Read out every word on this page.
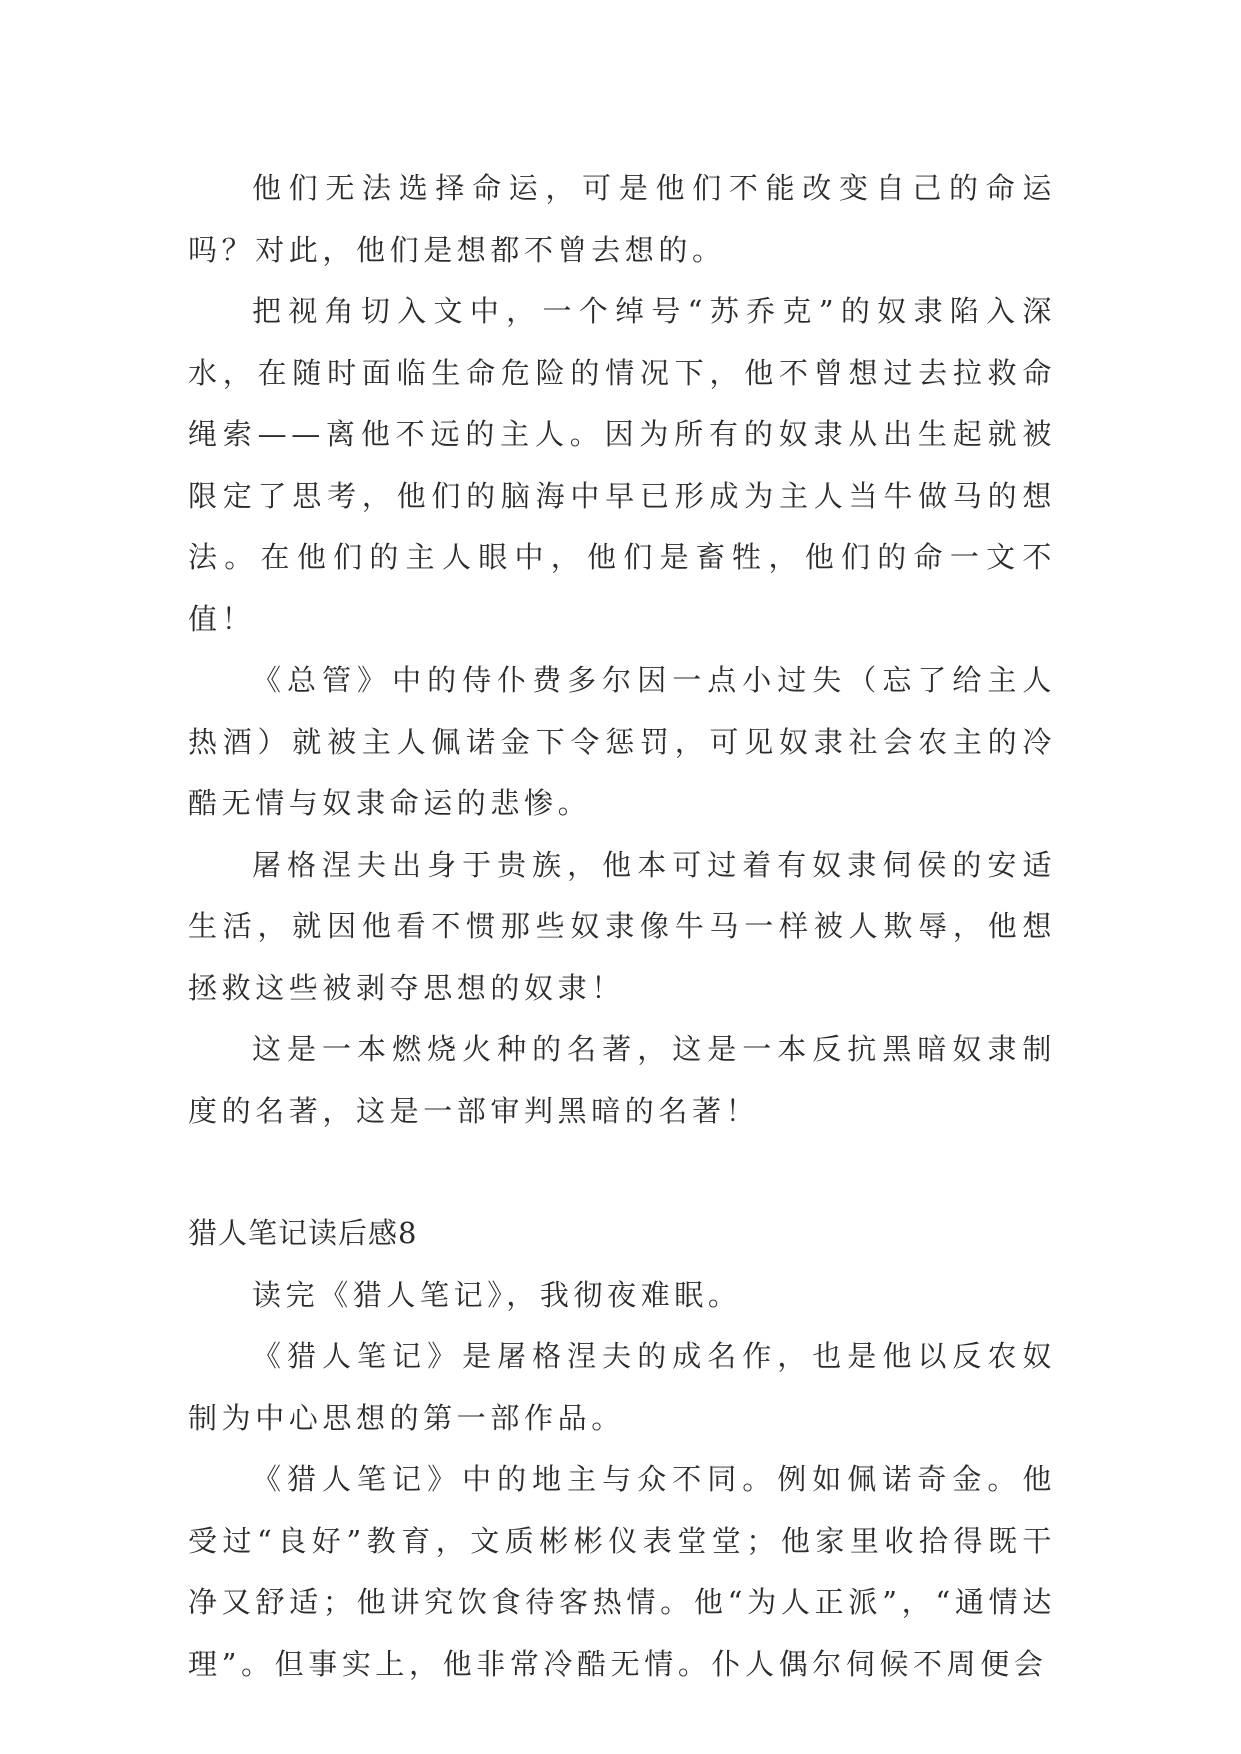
他们无法选择命运，可是他们不能改变自己的命运吗？对此，他们是想都不曾去想的。

把视角切入文中，一个绰号“苏乔克”的奴隶陷入深水，在随时面临生命危险的情况下，他不曾想过去拉救命绳索——离他不远的主人。因为所有的奴隶从出生起就被限定了思考，他们的脑海中早已形成为主人当牛做马的想法。在他们的主人眼中，他们是畜牲，他们的命一文不值！

《总管》中的侍仆费多尔因一点小过失（忘了给主人热酒）就被主人佩诺金下令惩罚，可见奴隶社会农主的冷酷无情与奴隶命运的悲惨。

屠格涅夫出身于贵族，他本可过着有奴隶伺侯的安适生活，就因他看不惯那些奴隶像牛马一样被人欺辱，他想拯救这些被剥夺思想的奴隶！

这是一本燃烧火种的名著，这是一本反抗黑暗奴隶制度的名著，这是一部审判黑暗的名著！

猎人笔记读后感8

读完《猎人笔记》，我彻夜难眠。

《猎人笔记》是屠格涅夫的成名作，也是他以反农奴制为中心思想的第一部作品。

《猎人笔记》中的地主与众不同。例如佩诺奇金。他受过“良好”教育，文质彬彬仪表堂堂；他家里收拾得既干净又舒适；他讲究饮食待客热情。他“为人正派”，“通情达理”。但事实上，他非常冷酷无情。仆人偶尔伺候不周便会
